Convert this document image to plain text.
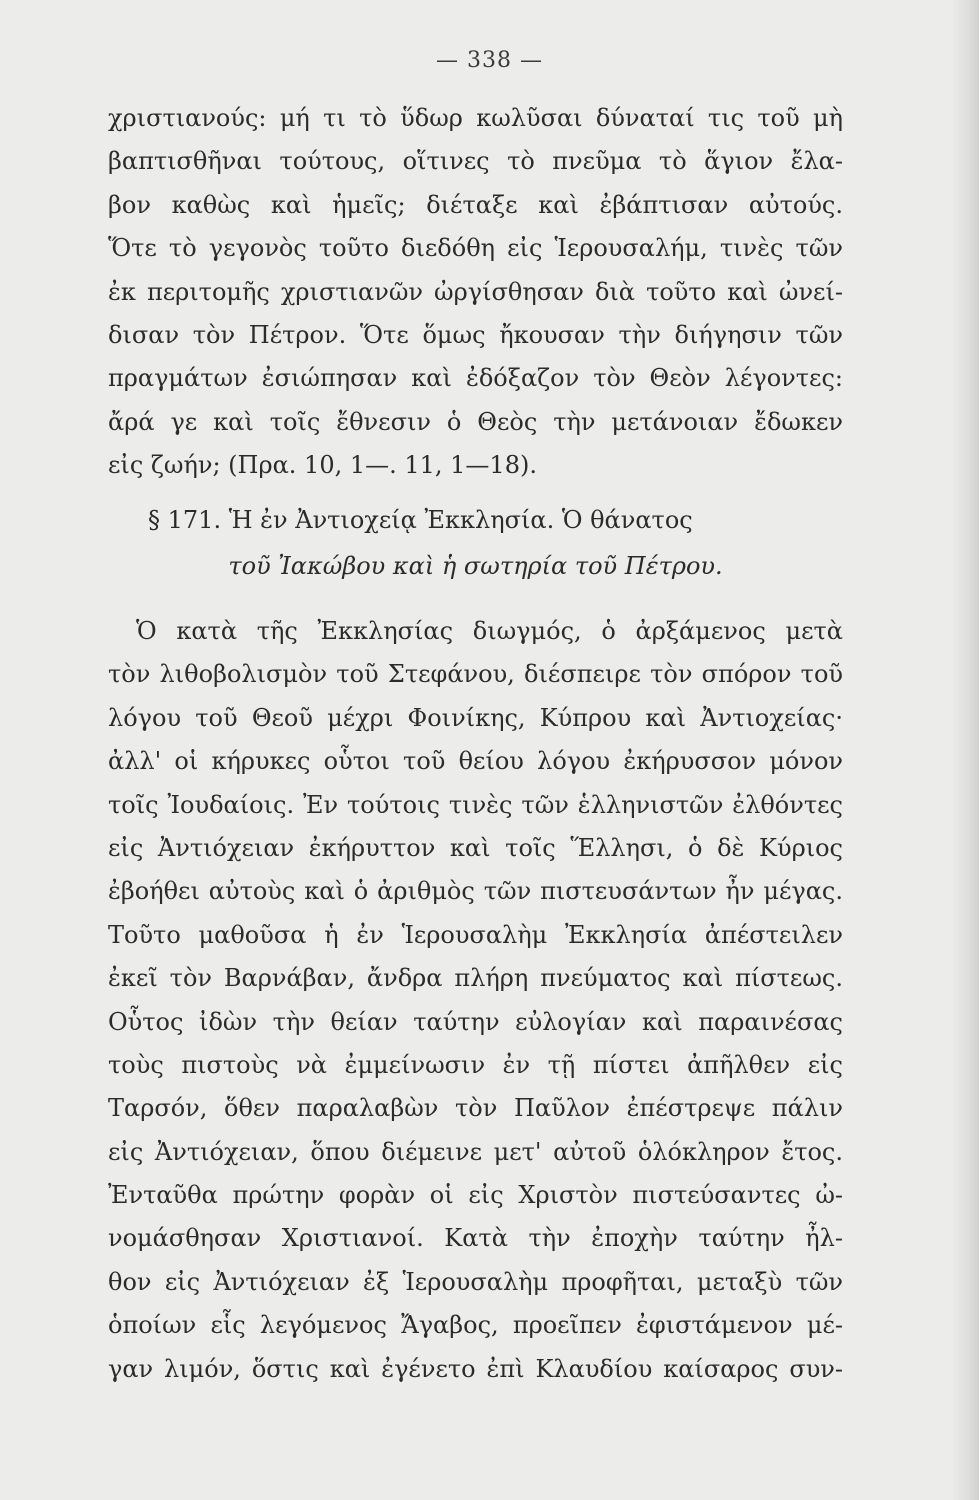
— 338 —
χριστιανούς: μή τι τὸ ὕδωρ κωλῦσαι δύναταί τις τοῦ μὴ
βαπτισθῆναι τούτους, οἵτινες τὸ πνεῦμα τὸ ἅγιον ἔλα-
βον καθὼς καὶ ἡμεῖς; διέταξε καὶ ἐβάπτισαν αὐτούς.
Ὅτε τὸ γεγονὸς τοῦτο διεδόθη εἰς Ἱερουσαλήμ, τινὲς τῶν
ἐκ περιτομῆς χριστιανῶν ὠργίσθησαν διὰ τοῦτο καὶ ὠνεί-
δισαν τὸν Πέτρον. Ὅτε ὅμως ἤκουσαν τὴν διήγησιν τῶν
πραγμάτων ἐσιώπησαν καὶ ἐδόξαζον τὸν Θεὸν λέγοντες:
ἄρά γε καὶ τοῖς ἔθνεσιν ὁ Θεὸς τὴν μετάνοιαν ἔδωκεν
εἰς ζωήν; (Πρα. 10, 1—. 11, 1—18).
§ 171. Ἡ ἐν Ἀντιοχείᾳ Ἐκκλησία. Ὁ θάνατος
τοῦ Ἰακώβου καὶ ἡ σωτηρία τοῦ Πέτρου.
Ὁ κατὰ τῆς Ἐκκλησίας διωγμός, ὁ ἀρξάμενος μετὰ
τὸν λιθοβολισμὸν τοῦ Στεφάνου, διέσπειρε τὸν σπόρον τοῦ
λόγου τοῦ Θεοῦ μέχρι Φοινίκης, Κύπρου καὶ Ἀντιοχείας·
ἀλλ' οἱ κήρυκες οὗτοι τοῦ θείου λόγου ἐκήρυσσον μόνον
τοῖς Ἰουδαίοις. Ἐν τούτοις τινὲς τῶν ἑλληνιστῶν ἐλθόντες
εἰς Ἀντιόχειαν ἐκήρυττον καὶ τοῖς Ἕλλησι, ὁ δὲ Κύριος
ἐβοήθει αὐτοὺς καὶ ὁ ἀριθμὸς τῶν πιστευσάντων ἦν μέγας.
Τοῦτο μαθοῦσα ἡ ἐν Ἱερουσαλὴμ Ἐκκλησία ἀπέστειλεν
ἐκεῖ τὸν Βαρνάβαν, ἄνδρα πλήρη πνεύματος καὶ πίστεως.
Οὗτος ἰδὼν τὴν θείαν ταύτην εὐλογίαν καὶ παραινέσας
τοὺς πιστοὺς νὰ ἐμμείνωσιν ἐν τῇ πίστει ἀπῆλθεν εἰς
Ταρσόν, ὅθεν παραλαβὼν τὸν Παῦλον ἐπέστρεψε πάλιν
εἰς Ἀντιόχειαν, ὅπου διέμεινε μετ' αὐτοῦ ὁλόκληρον ἔτος.
Ἐνταῦθα πρώτην φορὰν οἱ εἰς Χριστὸν πιστεύσαντες ὠ-
νομάσθησαν Χριστιανοί. Κατὰ τὴν ἐποχὴν ταύτην ἦλ-
θον εἰς Ἀντιόχειαν ἐξ Ἱερουσαλὴμ προφῆται, μεταξὺ τῶν
ὁποίων εἷς λεγόμενος Ἄγαβος, προεῖπεν ἐφιστάμενον μέ-
γαν λιμόν, ὅστις καὶ ἐγένετο ἐπὶ Κλαυδίου καίσαρος συν-
